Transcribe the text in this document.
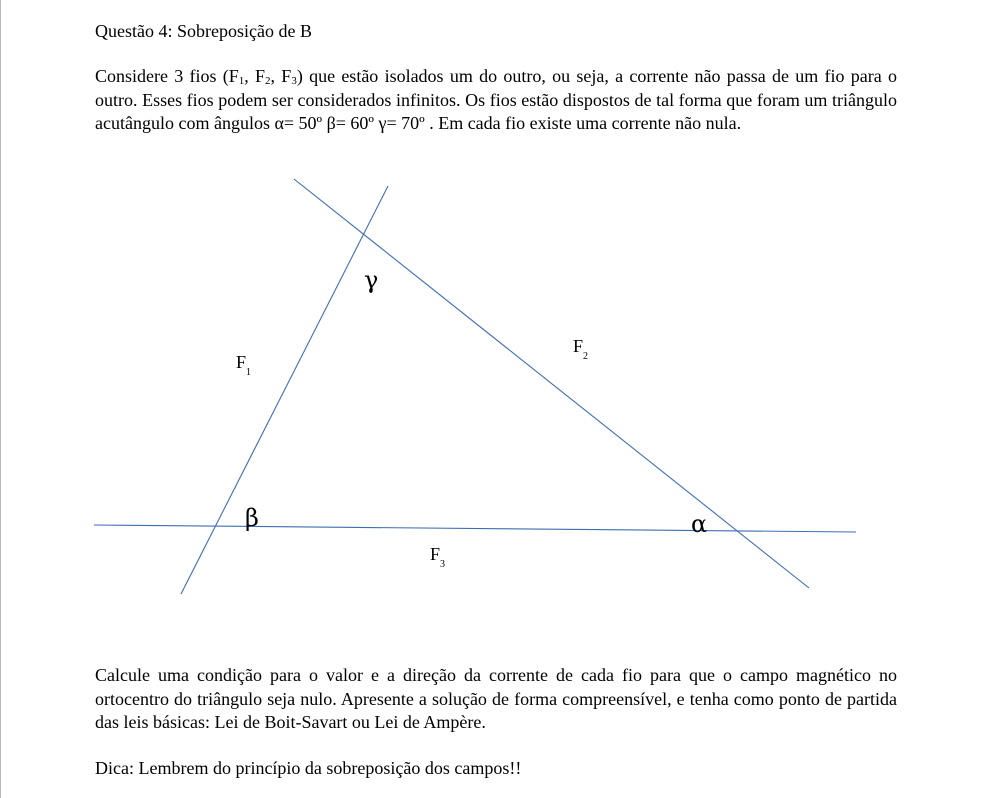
Questão 4: Sobreposição de B
Considere 3 fios ($F_1$, $F_2$, $F_3$) que estão isolados um do outro, ou seja, a corrente não passa de um fio para o outro. Esses fios podem ser considerados infinitos. Os fios estão dispostos de tal forma que foram um triângulo acutângulo com ângulos α= 50º β= 60º γ= 70º . Em cada fio existe uma corrente não nula.
γ
β	α
$F_1$
$F_2$
$F_3$
Calcule uma condição para o valor e a direção da corrente de cada fio para que o campo magnético no ortocentro do triângulo seja nulo. Apresente a solução de forma compreensível, e tenha como ponto de partida das leis básicas: Lei de Boit-Savart ou Lei de Ampère.
Dica: Lembrem do princípio da sobreposição dos campos!!
